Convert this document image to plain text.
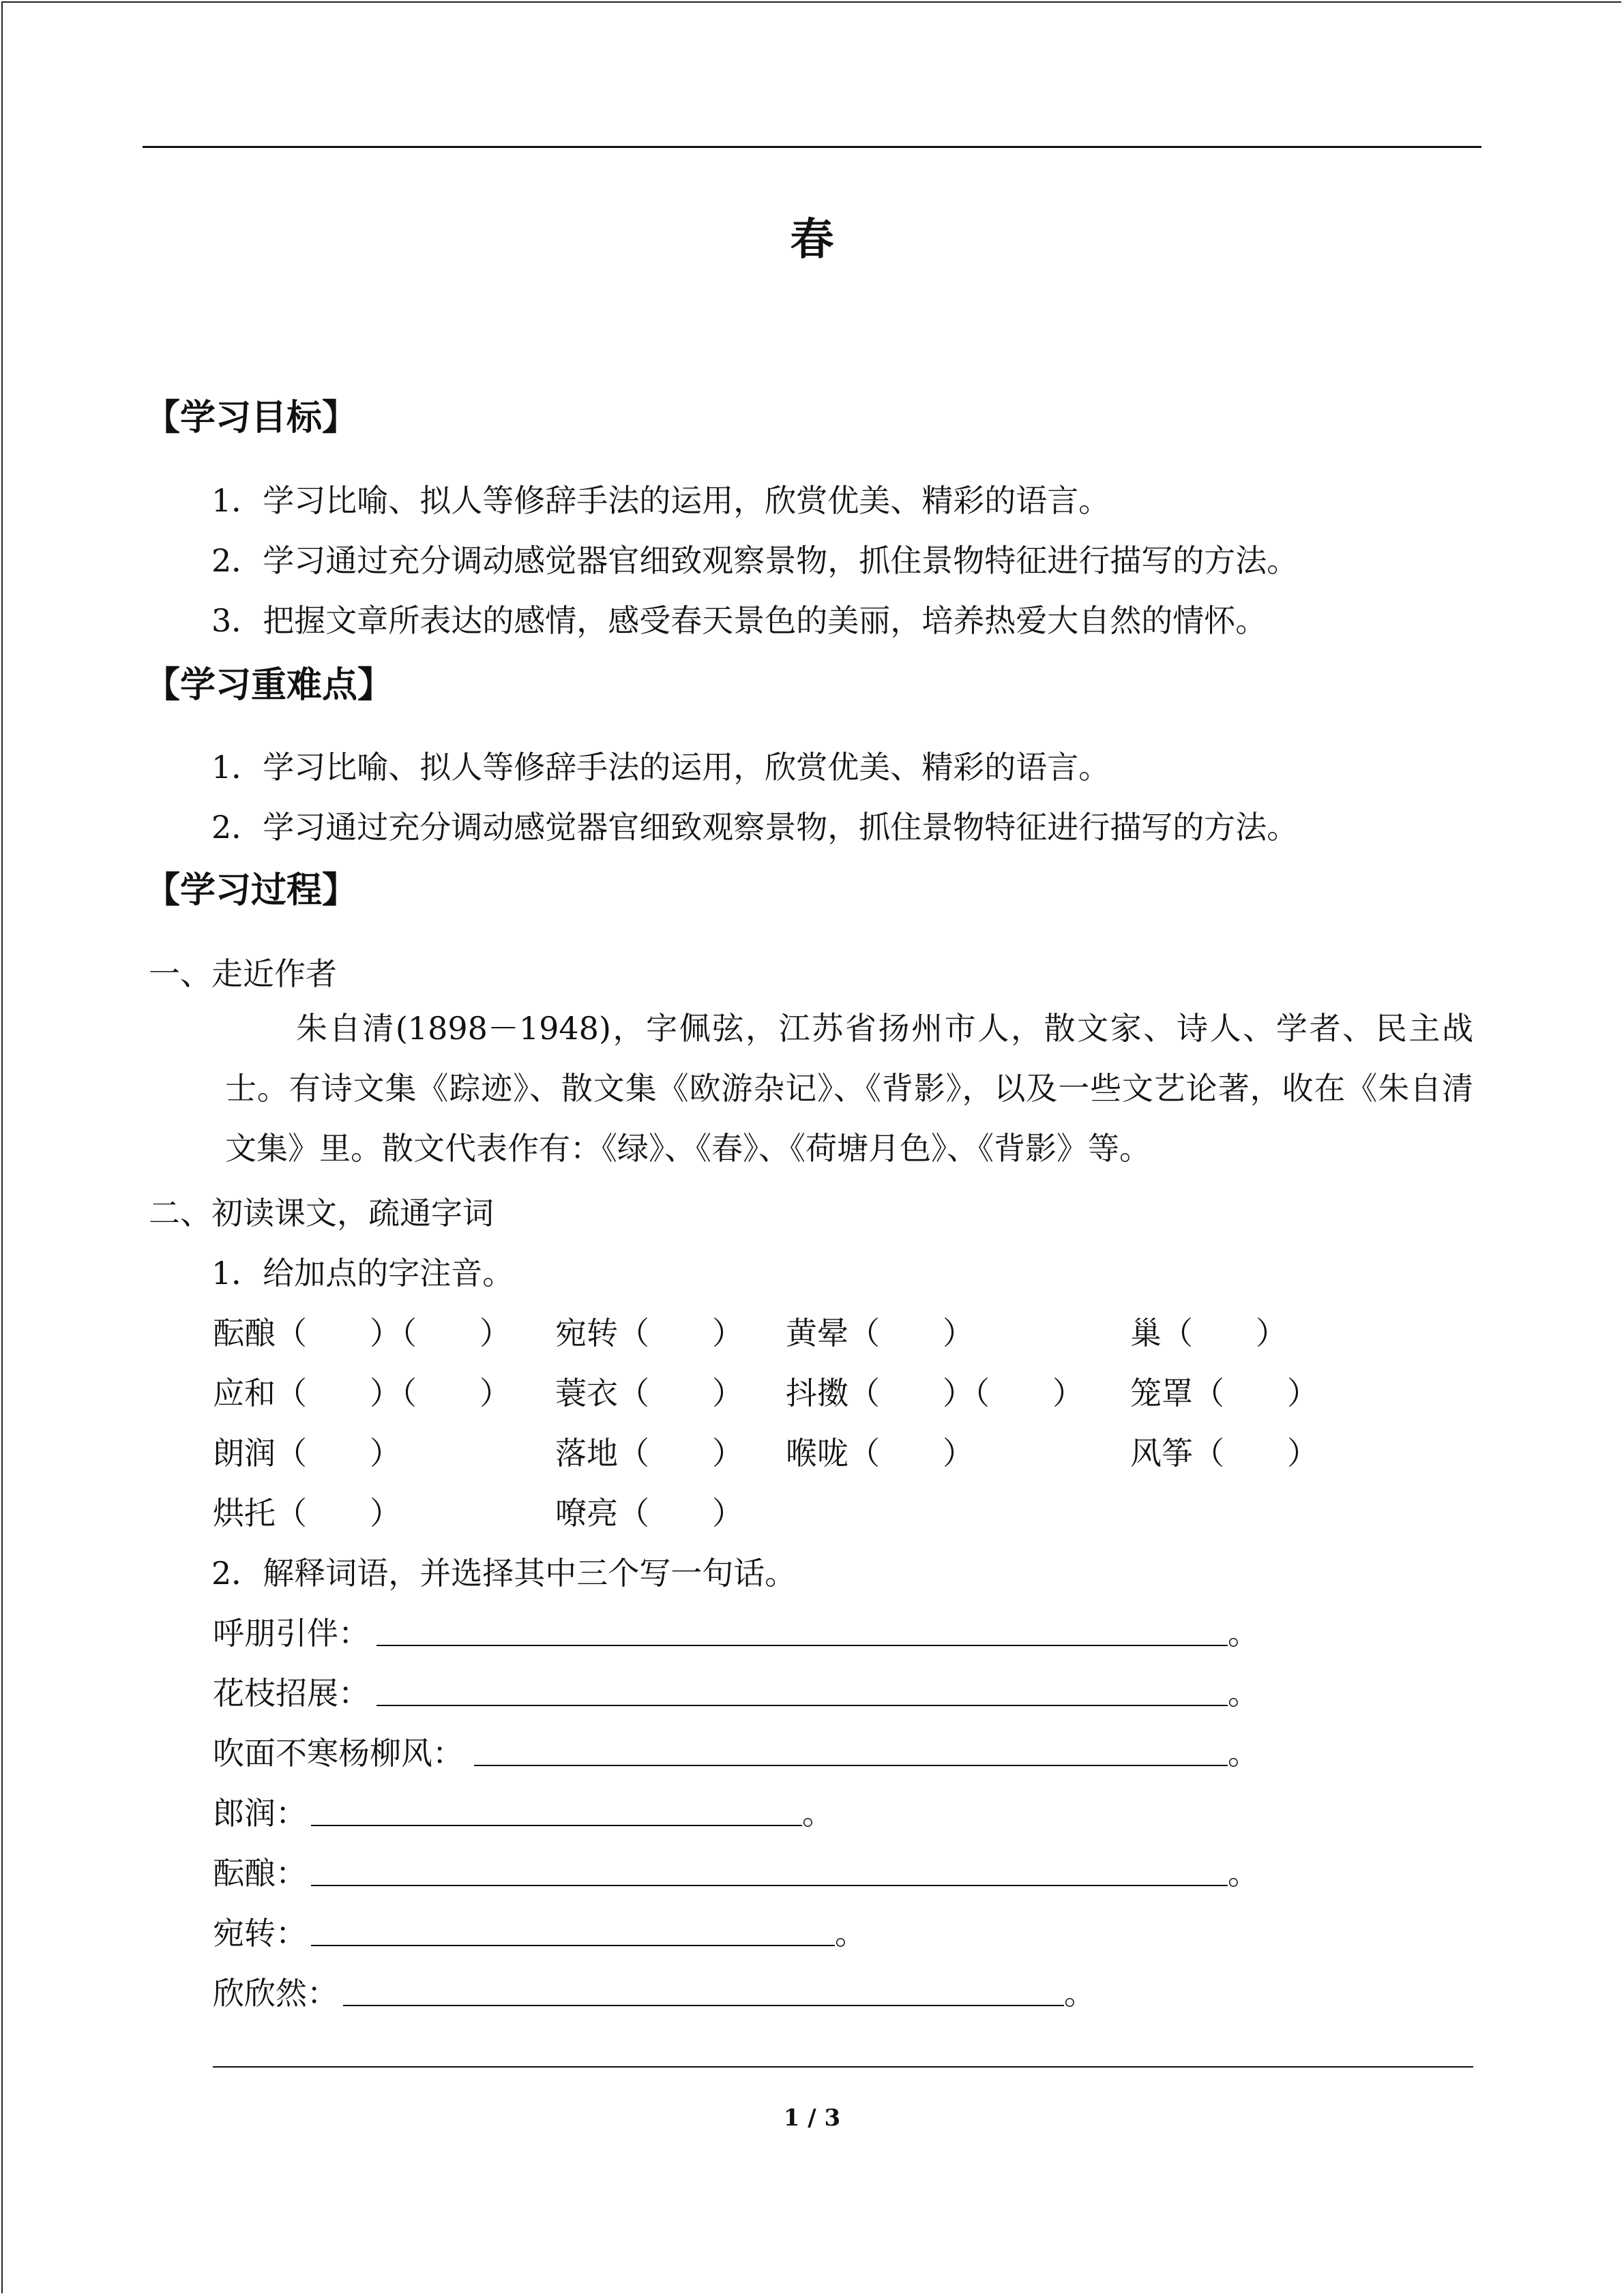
春
【学习目标】
1．学习比喻、拟人等修辞手法的运用，欣赏优美、精彩的语言。
2．学习通过充分调动感觉器官细致观察景物，抓住景物特征进行描写的方法。
3．把握文章所表达的感情，感受春天景色的美丽，培养热爱大自然的情怀。
【学习重难点】
1．学习比喻、拟人等修辞手法的运用，欣赏优美、精彩的语言。
2．学习通过充分调动感觉器官细致观察景物，抓住景物特征进行描写的方法。
【学习过程】
一、走近作者
朱自清(1898－1948)，字佩弦，江苏省扬州市人，散文家、诗人、学者、民主战士。有诗文集《踪迹》、散文集《欧游杂记》、《背影》，以及一些文艺论著，收在《朱自清文集》里。散文代表作有：《绿》、《春》、《荷塘月色》、《背影》等。
二、初读课文，疏通字词
1．给加点的字注音。
酝酿（　　）（　　） 宛转（　　） 黄晕（　　）	巢（　　）
应和（　　）（　　） 蓑衣（　　） 抖擞（　　）（　　） 笼罩（　　）
朗润（　　）	落地（　　） 喉咙（　　）	风筝（　　）
烘托（　　）	嘹亮（　　）
2．解释词语，并选择其中三个写一句话。
呼朋引伴：	。
花枝招展：	。
吹面不寒杨柳风：	。
郎润：	。
酝酿：	。
宛转：	。
欣欣然：	。
1 / 3
